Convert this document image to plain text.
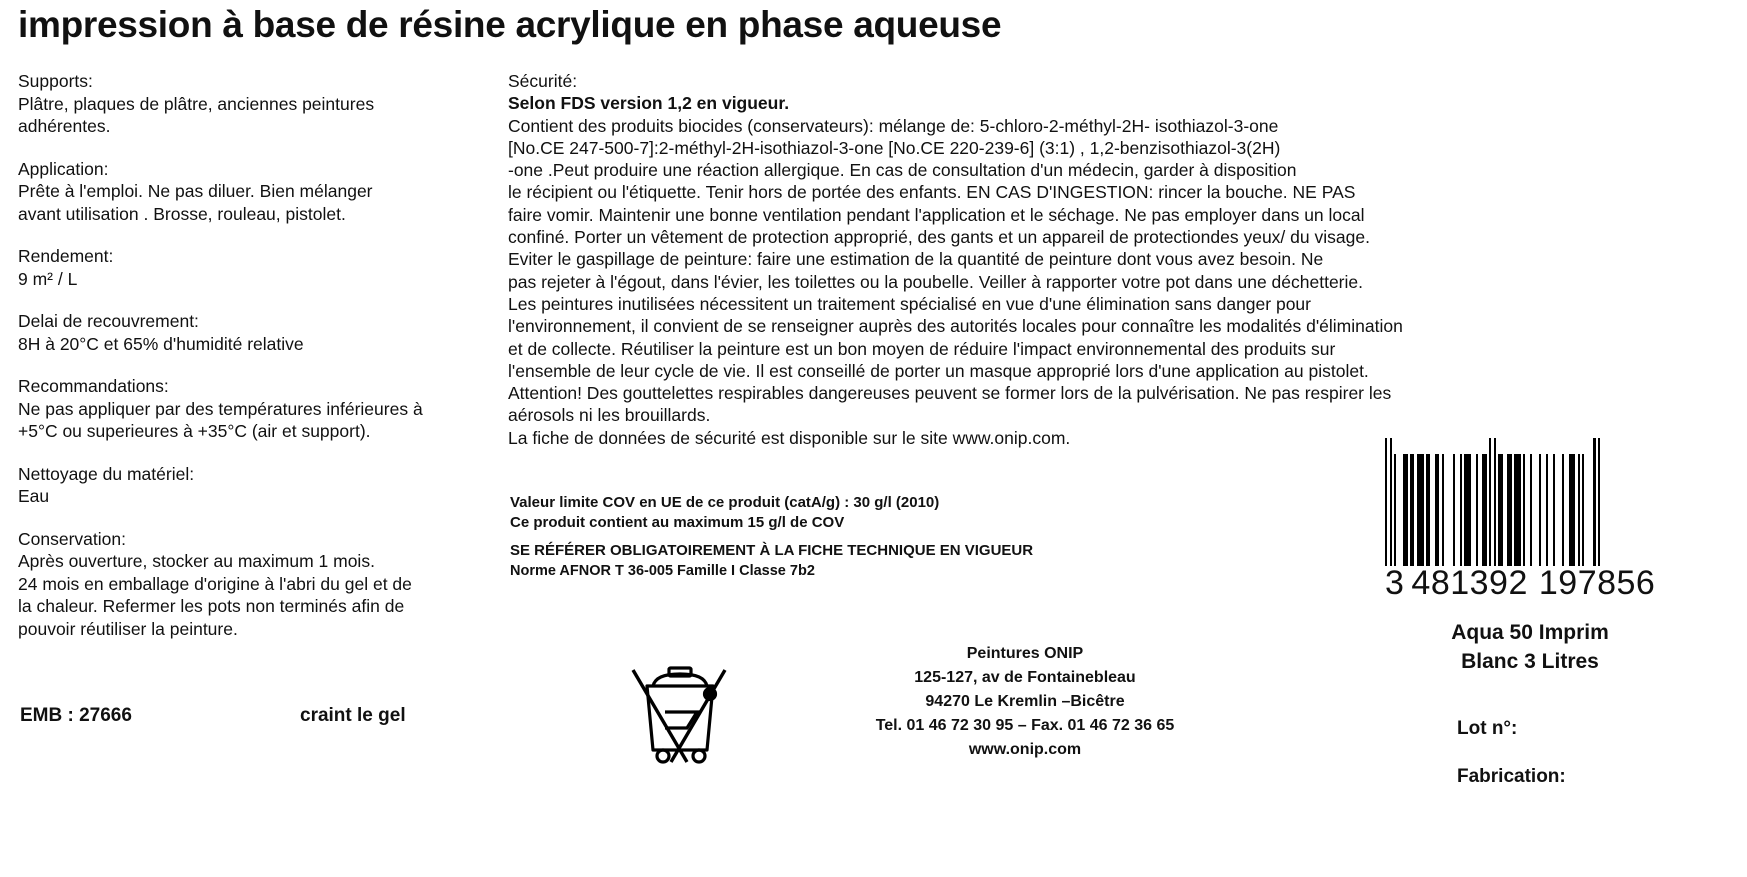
impression à base de résine acrylique en phase aqueuse
Supports:
Plâtre, plaques de plâtre, anciennes peintures
adhérentes.
Application:
Prête à l'emploi. Ne pas diluer. Bien mélanger
avant utilisation . Brosse, rouleau, pistolet.
Rendement:
9 m² / L
Delai de recouvrement:
8H à 20°C et 65% d'humidité relative
Recommandations:
Ne pas appliquer par des températures inférieures à
+5°C ou superieures à +35°C (air et support).
Nettoyage du matériel:
Eau
Conservation:
Après ouverture, stocker au maximum 1 mois.
24 mois en emballage d'origine à l'abri du gel et de
la chaleur. Refermer les pots non terminés afin de
pouvoir réutiliser la peinture.
EMB : 27666	craint le gel
Sécurité:
Selon FDS version 1,2 en vigueur.
Contient des produits biocides (conservateurs): mélange de: 5-chloro-2-méthyl-2H- isothiazol-3-one
[No.CE 247-500-7]:2-méthyl-2H-isothiazol-3-one [No.CE 220-239-6] (3:1) , 1,2-benzisothiazol-3(2H)
-one .Peut produire une réaction allergique. En cas de consultation d'un médecin, garder à disposition
le récipient ou l'étiquette. Tenir hors de portée des enfants. EN CAS D'INGESTION: rincer la bouche. NE PAS
faire vomir. Maintenir une bonne ventilation pendant l'application et le séchage. Ne pas employer dans un local
confiné. Porter un vêtement de protection approprié, des gants et un appareil de protectiondes yeux/ du visage.
Eviter le gaspillage de peinture: faire une estimation de la quantité de peinture dont vous avez besoin. Ne
pas rejeter à l'égout, dans l'évier, les toilettes ou la poubelle. Veiller à rapporter votre pot dans une déchetterie.
Les peintures inutilisées nécessitent un traitement spécialisé en vue d'une élimination sans danger pour
l'environnement, il convient de se renseigner auprès des autorités locales pour connaître les modalités d'élimination
et de collecte. Réutiliser la peinture est un bon moyen de réduire l'impact environnemental des produits sur
l'ensemble de leur cycle de vie. Il est conseillé de porter un masque approprié lors d'une application au pistolet.
Attention! Des gouttelettes respirables dangereuses peuvent se former lors de la pulvérisation. Ne pas respirer les
aérosols ni les brouillards.
La fiche de données de sécurité est disponible sur le site www.onip.com.
Valeur limite COV en UE de ce produit (catA/g) : 30 g/l (2010)
Ce produit contient au maximum 15 g/l de COV
SE RÉFÉRER OBLIGATOIREMENT À LA FICHE TECHNIQUE EN VIGUEUR
Norme AFNOR T 36-005 Famille I Classe 7b2
Peintures ONIP
125-127, av de Fontainebleau
94270 Le Kremlin –Bicêtre
Tel. 01 46 72 30 95 – Fax. 01 46 72 36 65
www.onip.com
3 481392 197856
Aqua 50 Imprim
Blanc 3 Litres
Lot n°:
Fabrication:
